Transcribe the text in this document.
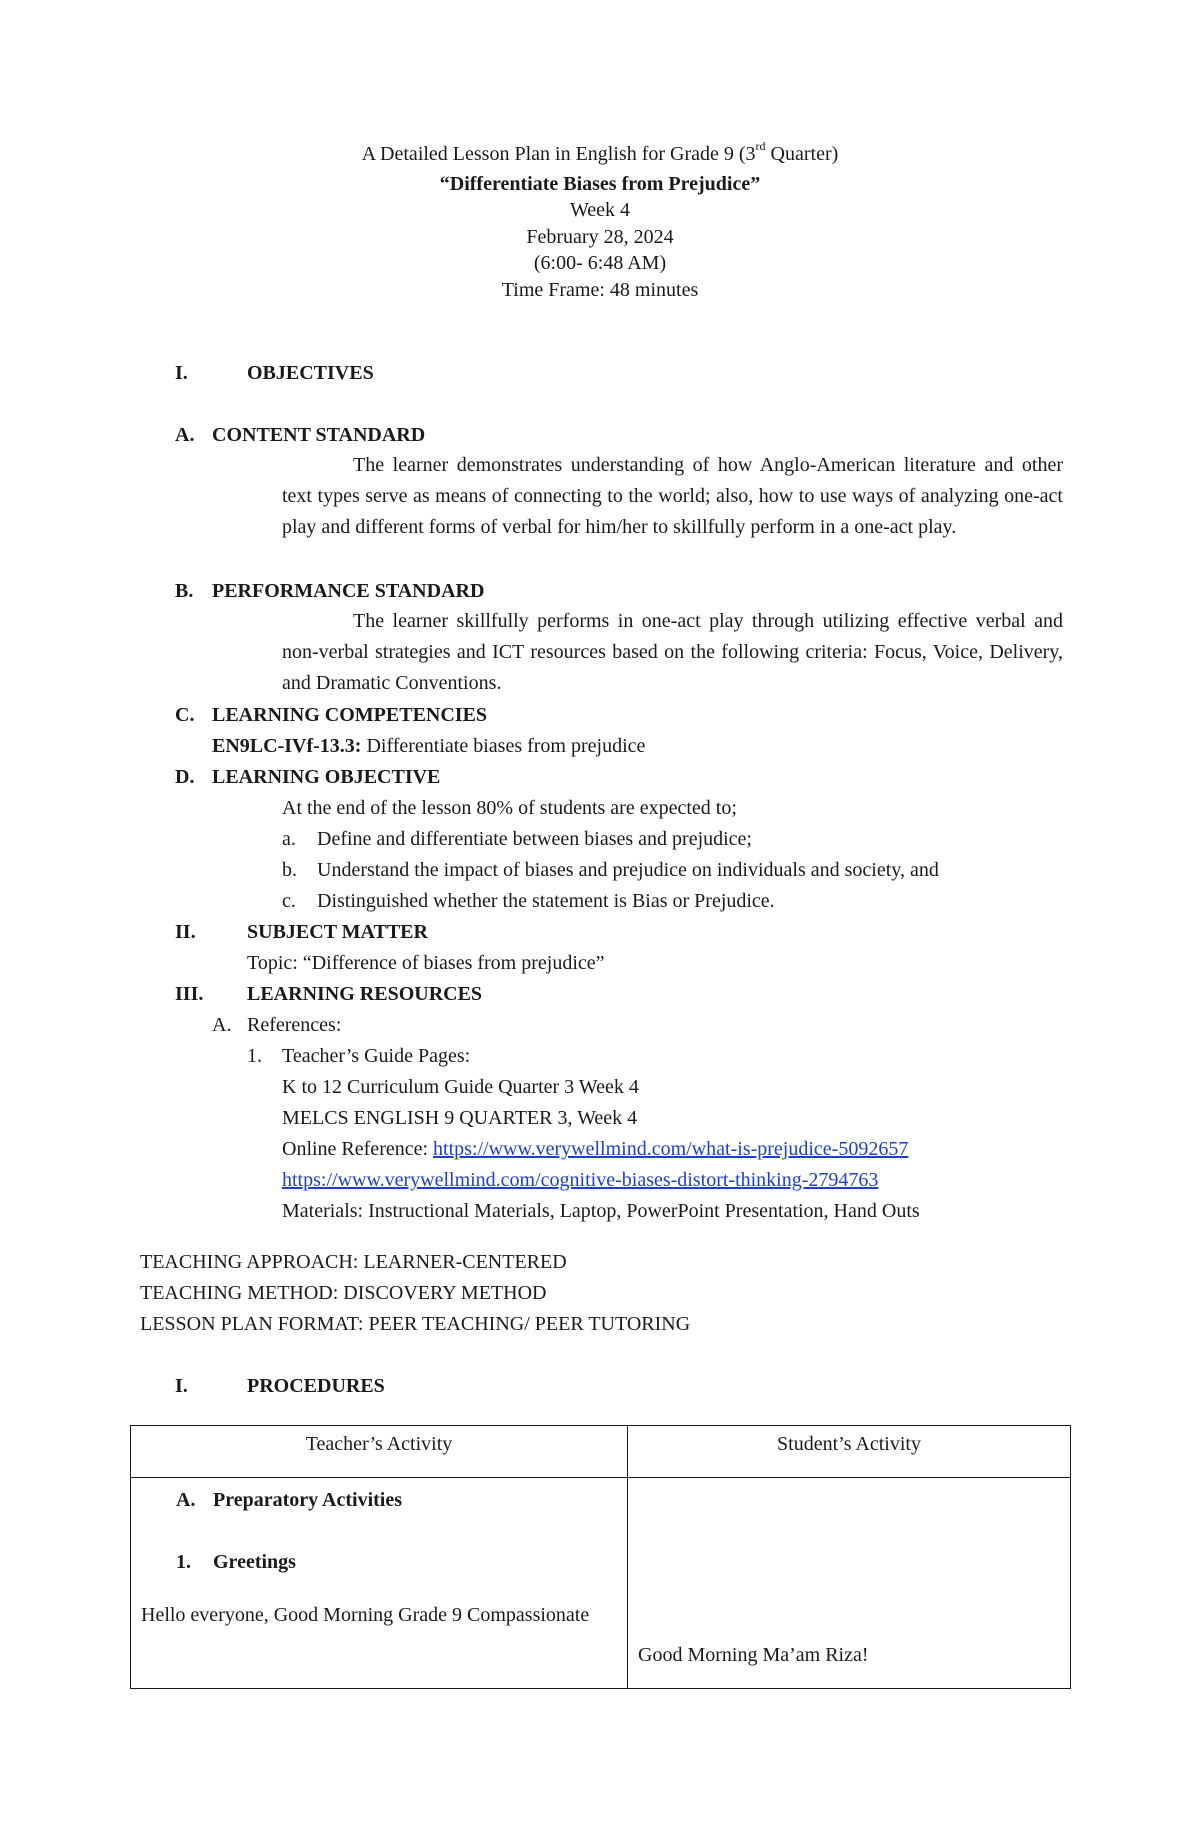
A Detailed Lesson Plan in English for Grade 9 (3rd Quarter)
“Differentiate Biases from Prejudice”
Week 4
February 28, 2024
(6:00- 6:48 AM)
Time Frame: 48 minutes
I.	OBJECTIVES
A. CONTENT STANDARD
The learner demonstrates understanding of how Anglo-American literature and other text types serve as means of connecting to the world; also, how to use ways of analyzing one-act play and different forms of verbal for him/her to skillfully perform in a one-act play.
B. PERFORMANCE STANDARD
The learner skillfully performs in one-act play through utilizing effective verbal and non-verbal strategies and ICT resources based on the following criteria: Focus, Voice, Delivery, and Dramatic Conventions.
C. LEARNING COMPETENCIES
EN9LC-IVf-13.3: Differentiate biases from prejudice
D. LEARNING OBJECTIVE
At the end of the lesson 80% of students are expected to;
a. Define and differentiate between biases and prejudice;
b. Understand the impact of biases and prejudice on individuals and society, and
c. Distinguished whether the statement is Bias or Prejudice.
II.	SUBJECT MATTER
Topic: “Difference of biases from prejudice”
III. LEARNING RESOURCES
A. References:
1. Teacher’s Guide Pages:
K to 12 Curriculum Guide Quarter 3 Week 4
MELCS ENGLISH 9 QUARTER 3, Week 4
Online Reference: https://www.verywellmind.com/what-is-prejudice-5092657
https://www.verywellmind.com/cognitive-biases-distort-thinking-2794763
Materials: Instructional Materials, Laptop, PowerPoint Presentation, Hand Outs
TEACHING APPROACH: LEARNER-CENTERED
TEACHING METHOD: DISCOVERY METHOD
LESSON PLAN FORMAT: PEER TEACHING/ PEER TUTORING
I.	PROCEDURES
Teacher’s Activity	Student’s Activity

A. Preparatory Activities
1. Greetings
Hello everyone, Good Morning Grade 9 Compassionate	Good Morning Ma’am Riza!
